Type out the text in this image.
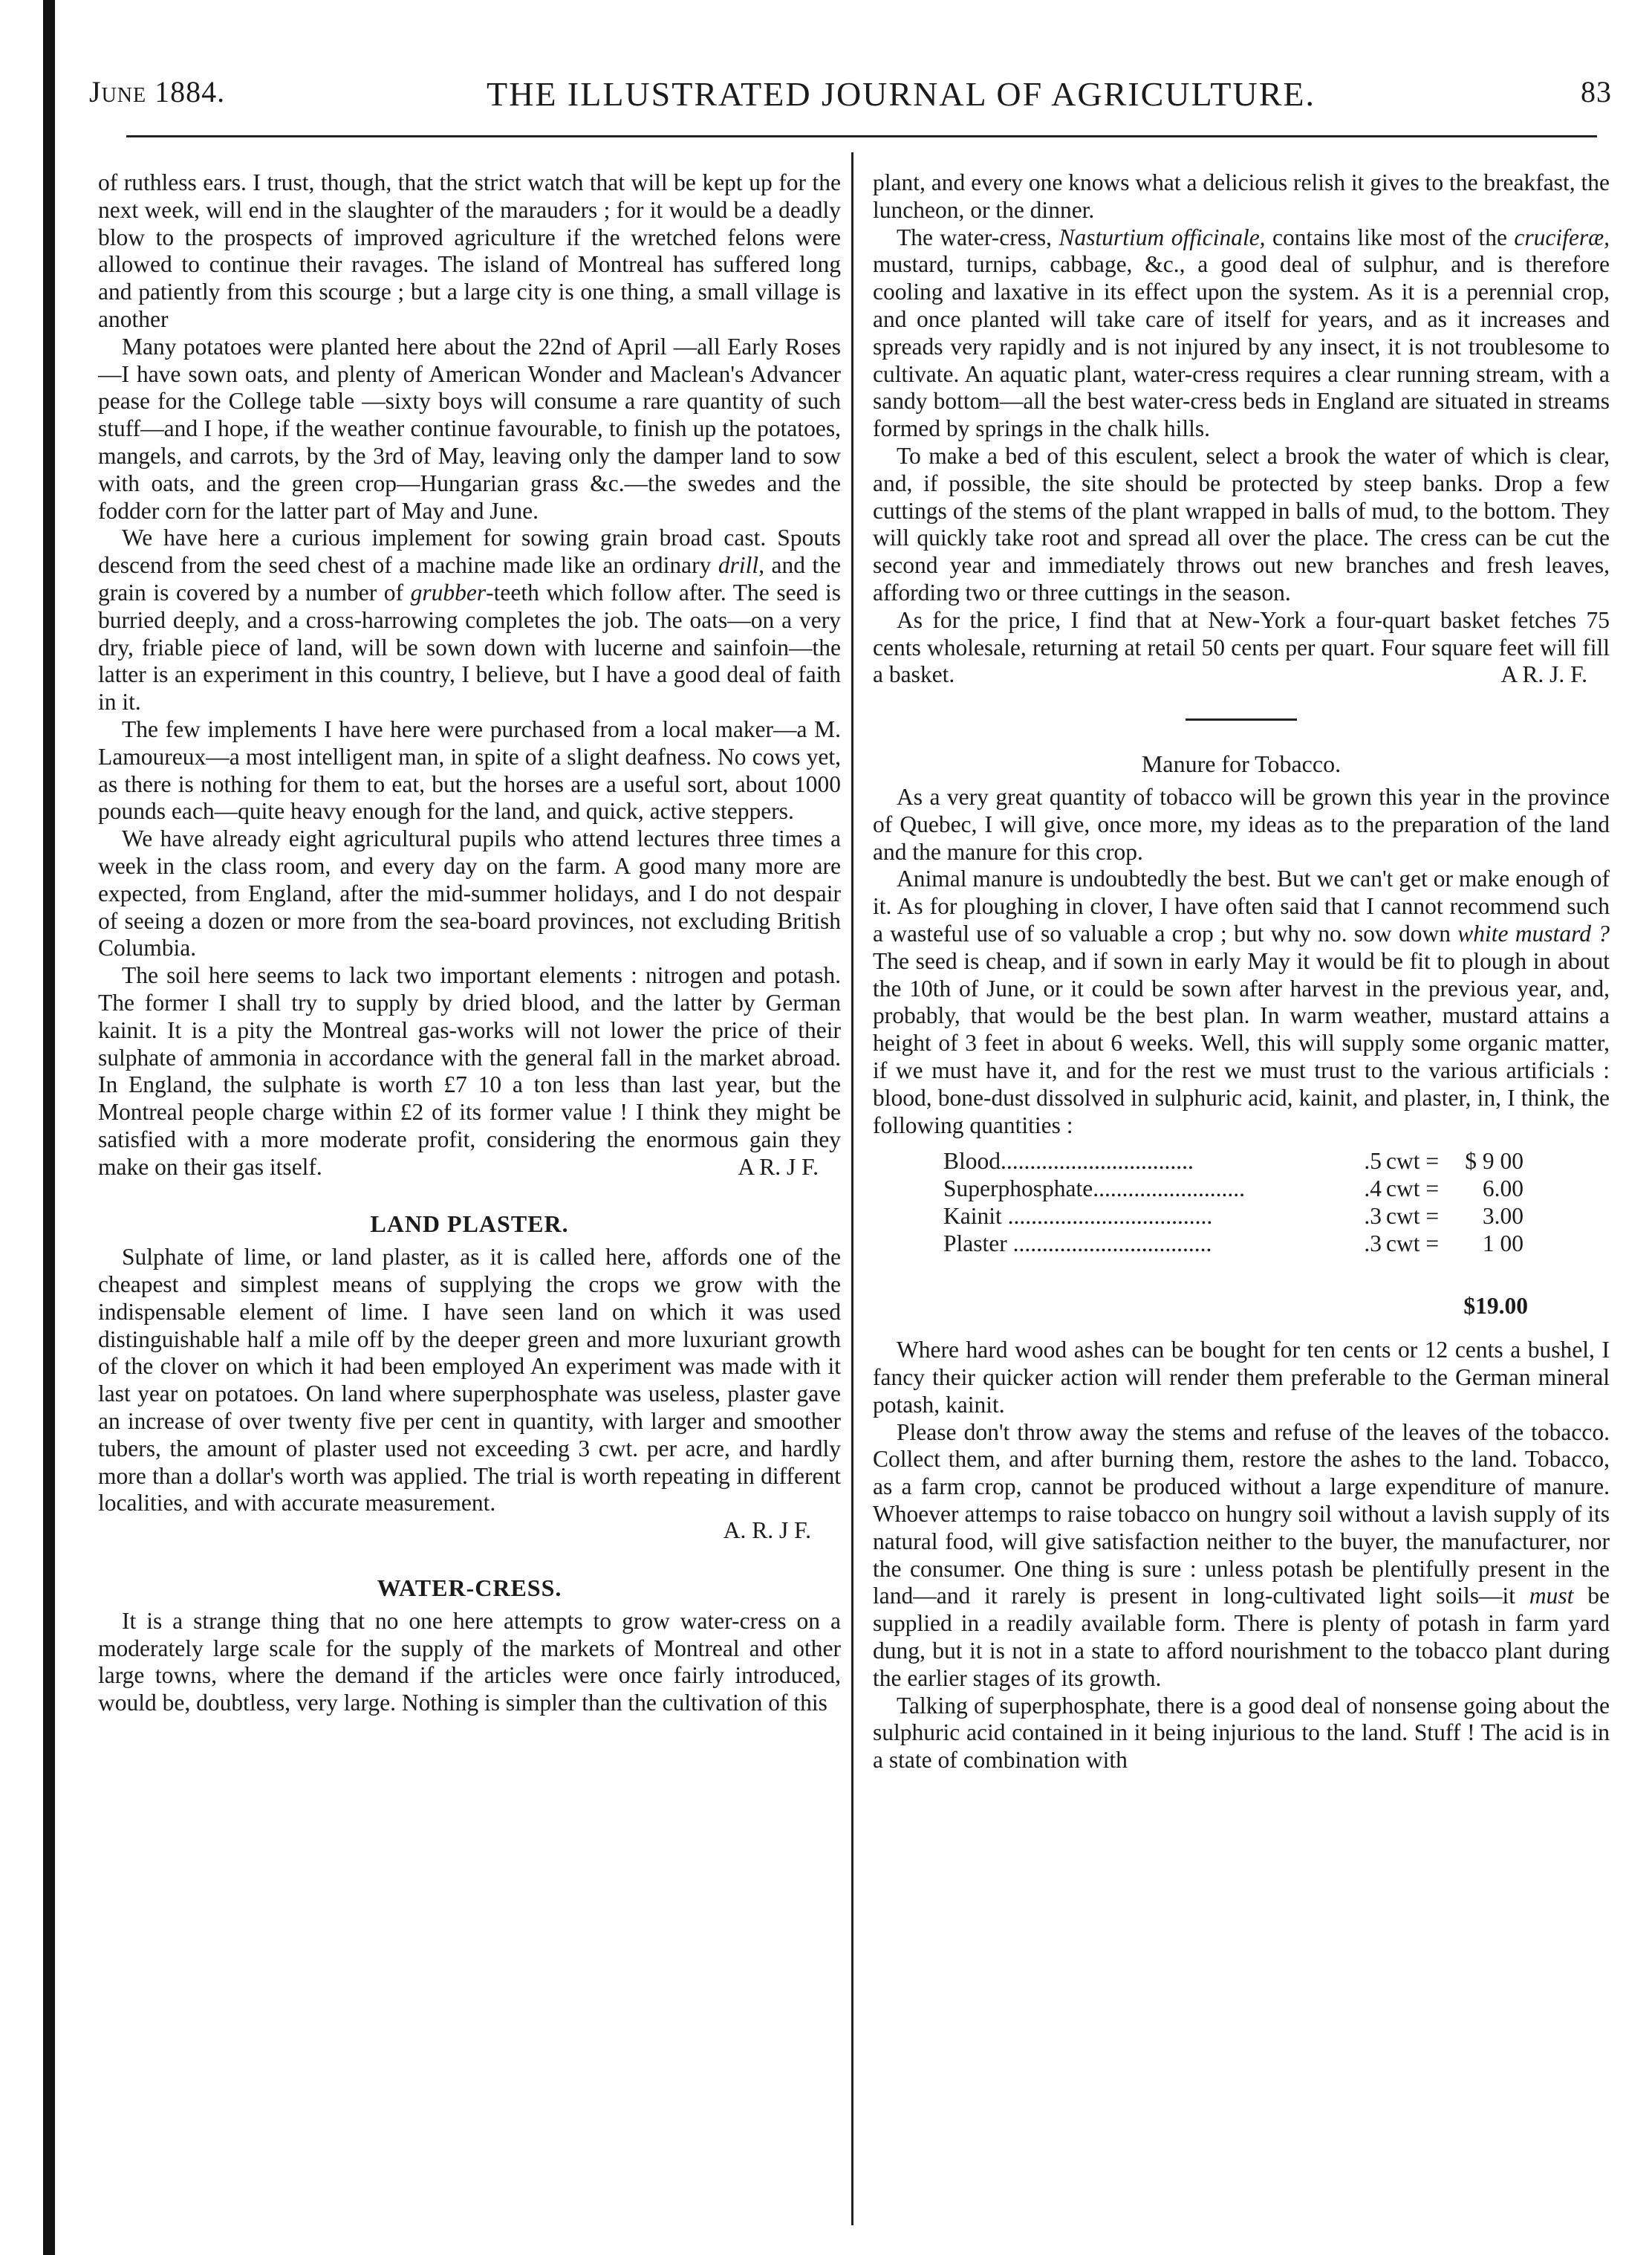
June 1884.	THE ILLUSTRATED JOURNAL OF AGRICULTURE.	83

of ruthless ears. I trust, though, that the strict watch that will be kept up for the next week, will end in the slaughter of the marauders ; for it would be a deadly blow to the prospects of improved agriculture if the wretched felons were allowed to continue their ravages. The island of Montreal has suffered long and patiently from this scourge ; but a large city is one thing, a small village is another

Many potatoes were planted here about the 22nd of April —all Early Roses—I have sown oats, and plenty of American Wonder and Maclean's Advancer pease for the College table —sixty boys will consume a rare quantity of such stuff—and I hope, if the weather continue favourable, to finish up the potatoes, mangels, and carrots, by the 3rd of May, leaving only the damper land to sow with oats, and the green crop—Hungarian grass &c.—the swedes and the fodder corn for the latter part of May and June.

We have here a curious implement for sowing grain broad cast. Spouts descend from the seed chest of a machine made like an ordinary drill, and the grain is covered by a number of grubber-teeth which follow after. The seed is burried deeply, and a cross-harrowing completes the job. The oats—on a very dry, friable piece of land, will be sown down with lucerne and sainfoin—the latter is an experiment in this country, I believe, but I have a good deal of faith in it.

The few implements I have here were purchased from a local maker—a M. Lamoureux—a most intelligent man, in spite of a slight deafness. No cows yet, as there is nothing for them to eat, but the horses are a useful sort, about 1000 pounds each—quite heavy enough for the land, and quick, active steppers.

We have already eight agricultural pupils who attend lectures three times a week in the class room, and every day on the farm. A good many more are expected, from England, after the mid-summer holidays, and I do not despair of seeing a dozen or more from the sea-board provinces, not excluding British Columbia.

The soil here seems to lack two important elements : nitrogen and potash. The former I shall try to supply by dried blood, and the latter by German kainit. It is a pity the Montreal gas-works will not lower the price of their sulphate of ammonia in accordance with the general fall in the market abroad. In England, the sulphate is worth £7 10 a ton less than last year, but the Montreal people charge within £2 of its former value ! I think they might be satisfied with a more moderate profit, considering the enormous gain they make on their gas itself.	A R. J F.

LAND PLASTER.

Sulphate of lime, or land plaster, as it is called here, affords one of the cheapest and simplest means of supplying the crops we grow with the indispensable element of lime. I have seen land on which it was used distinguishable half a mile off by the deeper green and more luxuriant growth of the clover on which it had been employed An experiment was made with it last year on potatoes. On land where superphosphate was useless, plaster gave an increase of over twenty five per cent in quantity, with larger and smoother tubers, the amount of plaster used not exceeding 3 cwt. per acre, and hardly more than a dollar's worth was applied. The trial is worth repeating in different localities, and with accurate measurement.

A. R. J F.

WATER-CRESS.

It is a strange thing that no one here attempts to grow water-cress on a moderately large scale for the supply of the markets of Montreal and other large towns, where the demand if the articles were once fairly introduced, would be, doubtless, very large. Nothing is simpler than the cultivation of this

plant, and every one knows what a delicious relish it gives to the breakfast, the luncheon, or the dinner.

The water-cress, Nasturtium officinale, contains like most of the cruciferæ, mustard, turnips, cabbage, &c., a good deal of sulphur, and is therefore cooling and laxative in its effect upon the system. As it is a perennial crop, and once planted will take care of itself for years, and as it increases and spreads very rapidly and is not injured by any insect, it is not troublesome to cultivate. An aquatic plant, water-cress requires a clear running stream, with a sandy bottom—all the best water-cress beds in England are situated in streams formed by springs in the chalk hills.

To make a bed of this esculent, select a brook the water of which is clear, and, if possible, the site should be protected by steep banks. Drop a few cuttings of the stems of the plant wrapped in balls of mud, to the bottom. They will quickly take root and spread all over the place. The cress can be cut the second year and immediately throws out new branches and fresh leaves, affording two or three cuttings in the season.

As for the price, I find that at New-York a four-quart basket fetches 75 cents wholesale, returning at retail 50 cents per quart. Four square feet will fill a basket.	A R. J. F.

Manure for Tobacco.

As a very great quantity of tobacco will be grown this year in the province of Quebec, I will give, once more, my ideas as to the preparation of the land and the manure for this crop.

Animal manure is undoubtedly the best. But we can't get or make enough of it. As for ploughing in clover, I have often said that I cannot recommend such a wasteful use of so valuable a crop ; but why no. sow down white mustard ? The seed is cheap, and if sown in early May it would be fit to plough in about the 10th of June, or it could be sown after harvest in the previous year, and, probably, that would be the best plan. In warm weather, mustard attains a height of 3 feet in about 6 weeks. Well, this will supply some organic matter, if we must have it, and for the rest we must trust to the various artificials : blood, bone-dust dissolved in sulphuric acid, kainit, and plaster, in, I think, the following quantities :

Blood.................................	.5	cwt =	$ 9 00
Superphosphate..........................	.4	cwt =	6.00
Kainit ...................................	.3	cwt =	3.00
Plaster ..................................	.3	cwt =	1 00
$19.00

Where hard wood ashes can be bought for ten cents or 12 cents a bushel, I fancy their quicker action will render them preferable to the German mineral potash, kainit.

Please don't throw away the stems and refuse of the leaves of the tobacco. Collect them, and after burning them, restore the ashes to the land. Tobacco, as a farm crop, cannot be produced without a large expenditure of manure. Whoever attemps to raise tobacco on hungry soil without a lavish supply of its natural food, will give satisfaction neither to the buyer, the manufacturer, nor the consumer. One thing is sure : unless potash be plentifully present in the land—and it rarely is present in long-cultivated light soils—it must be supplied in a readily available form. There is plenty of potash in farm yard dung, but it is not in a state to afford nourishment to the tobacco plant during the earlier stages of its growth.

Talking of superphosphate, there is a good deal of nonsense going about the sulphuric acid contained in it being injurious to the land. Stuff ! The acid is in a state of combination with
